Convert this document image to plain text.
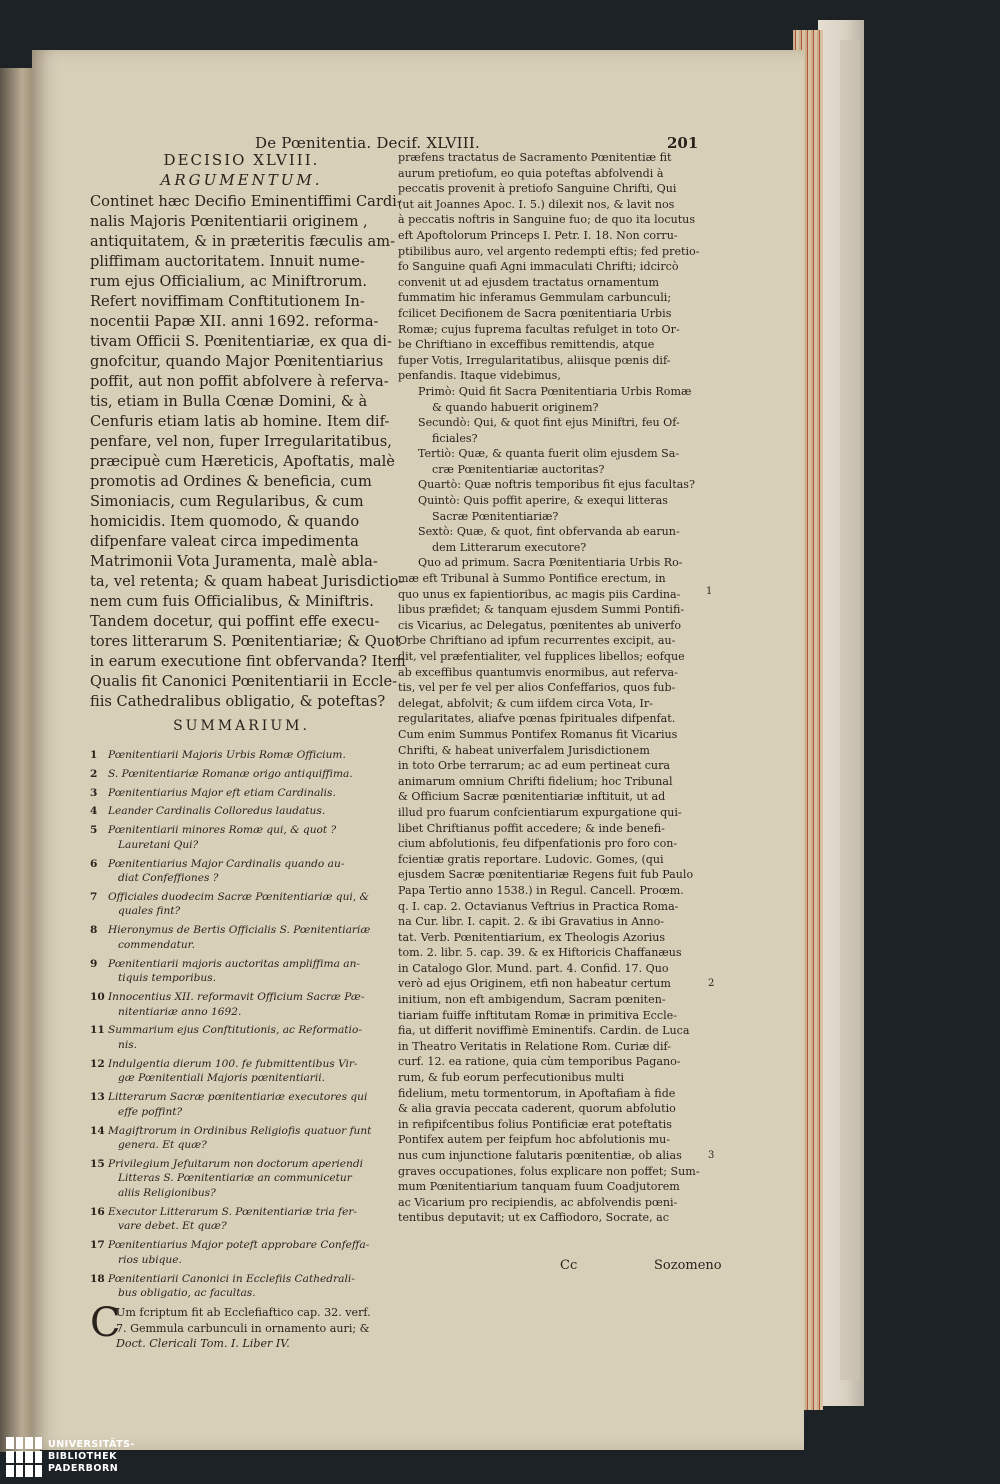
De Pœnitentia. Decif. XLVIII.	201

DECISIO XLVIII.

ARGUMENTUM.

Continet hæc Decifio Eminentiffimi Cardi-

nalis Majoris Pœnitentiarii originem ,

antiquitatem, & in præteritis fæculis am-

pliffimam auctoritatem. Innuit nume-

rum ejus Officialium, ac Miniftrorum.

Refert noviffimam Conftitutionem In-

nocentii Papæ XII. anni 1692. reforma-

tivam Officii S. Pœnitentiariæ, ex qua di-

gnofcitur, quando Major Pœnitentiarius

poffit, aut non poffit abfolvere à referva-

tis, etiam in Bulla Cœnæ Domini, & à

Cenfuris etiam latis ab homine. Item dif-

penfare, vel non, fuper Irregularitatibus,

præcipuè cum Hæreticis, Apoftatis, malè

promotis ad Ordines & beneficia, cum

Simoniacis, cum Regularibus, & cum

homicidis. Item quomodo, & quando

difpenfare valeat circa impedimenta

Matrimonii Vota Juramenta, malè abla-

ta, vel retenta; & quam habeat Jurisdictio-

nem cum fuis Officialibus, & Miniftris.

Tandem docetur, qui poffint effe execu-

tores litterarum S. Pœnitentiariæ; & Quot

in earum executione fint obfervanda? Item

Qualis fit Canonici Pœnitentiarii in Eccle-

fiis Cathedralibus obligatio, & poteftas?

SUMMARIUM.

1	Pœnitentiarii Majoris Urbis Romæ Officium.
2	S. Pœnitentiariæ Romanæ origo antiquiffima.
3	Pœnitentiarius Major eft etiam Cardinalis.
4	Leander Cardinalis Colloredus laudatus.
5	Pœnitentiarii minores Romæ qui, & quot ?
Lauretani Qui?
6	Pœnitentiarius Major Cardinalis quando au-
diat Confeffiones ?
7	Officiales duodecim Sacræ Pœnitentiariæ qui, &
quales fint?
8	Hieronymus de Bertis Officialis S. Pœnitentiariæ
commendatur.
9	Pœnitentiarii majoris auctoritas ampliffima an-
tiquis temporibus.
10 Innocentius XII. reformavit Officium Sacræ Pæ-
nitentiariæ anno 1692.
11 Summarium ejus Conftitutionis, ac Reformatio-
nis.
12 Indulgentia dierum 100. fe fubmittentibus Vir-
gæ Pœnitentiali Majoris pœnitentiarii.
13 Litterarum Sacræ pœnitentiariæ executores qui
effe poffint?
14 Magiftrorum in Ordinibus Religiofis quatuor funt
genera. Et quæ?
15 Privilegium Jefuitarum non doctorum aperiendi
Litteras S. Pœnitentiariæ an communicetur
aliis Religionibus?
16 Executor Litterarum S. Pœnitentiariæ tria fer-
vare debet. Et quæ?
17 Pœnitentiarius Major poteft approbare Confeffa-
rios ubique.
18 Pœnitentiarii Canonici in Ecclefiis Cathedrali-
bus obligatio, ac facultas.
C
Um fcriptum fit ab Ecclefiaftico cap. 32. verf.
7. Gemmula carbunculi in ornamento auri; &
Doct. Clericali Tom. I. Liber IV.
præfens tractatus de Sacramento Pœnitentiæ fit
aurum pretiofum, eo quia poteftas abfolvendi à
peccatis provenit à pretiofo Sanguine Chrifti, Qui
(ut ait Joannes Apoc. I. 5.) dilexit nos, & lavit nos
à peccatis noftris in Sanguine fuo; de quo ita locutus
eft Apoftolorum Princeps I. Petr. I. 18. Non corru-
ptibilibus auro, vel argento redempti eftis; fed pretio-
fo Sanguine quafi Agni immaculati Chrifti; idcircò
convenit ut ad ejusdem tractatus ornamentum
fummatim hic inferamus Gemmulam carbunculi;
fcilicet Decifionem de Sacra pœnitentiaria Urbis
Romæ; cujus fuprema facultas refulget in toto Or-
be Chriftiano in exceffibus remittendis, atque
fuper Votis, Irregularitatibus, aliisque pœnis dif-
penfandis. Itaque videbimus,
Primò: Quid fit Sacra Pœnitentiaria Urbis Romæ
& quando habuerit originem?
Secundò: Qui, & quot fint ejus Miniftri, feu Of-
ficiales?
Tertiò: Quæ, & quanta fuerit olim ejusdem Sa-
cræ Pœnitentiariæ auctoritas?
Quartò: Quæ noftris temporibus fit ejus facultas?
Quintò: Quis poffit aperire, & exequi litteras
Sacræ Pœnitentiariæ?
Sextò: Quæ, & quot, fint obfervanda ab earun-
dem Litterarum executore?
Quo ad primum. Sacra Pœnitentiaria Urbis Ro-
mæ eft Tribunal à Summo Pontifice erectum, in
quo unus ex fapientioribus, ac magis piis Cardina-
libus præfidet; & tanquam ejusdem Summi Pontifi-
cis Vicarius, ac Delegatus, pœnitentes ab univerfo
Orbe Chriftiano ad ipfum recurrentes excipit, au-
dit, vel præfentialiter, vel fupplices libellos; eofque
ab exceffibus quantumvis enormibus, aut referva-
tis, vel per fe vel per alios Confeffarios, quos fub-
delegat, abfolvit; & cum iifdem circa Vota, Ir-
regularitates, aliafve pœnas fpirituales difpenfat.
Cum enim Summus Pontifex Romanus fit Vicarius
Chrifti, & habeat univerfalem Jurisdictionem
in toto Orbe terrarum; ac ad eum pertineat cura
animarum omnium Chrifti fidelium; hoc Tribunal
& Officium Sacræ pœnitentiariæ inftituit, ut ad
illud pro fuarum confcientiarum expurgatione qui-
libet Chriftianus poffit accedere; & inde benefi-
cium abfolutionis, feu difpenfationis pro foro con-
fcientiæ gratis reportare. Ludovic. Gomes, (qui
ejusdem Sacræ pœnitentiariæ Regens fuit fub Paulo
Papa Tertio anno 1538.) in Regul. Cancell. Proœm.
q. I. cap. 2. Octavianus Veftrius in Practica Roma-
na Cur. libr. I. capit. 2. & ibi Gravatius in Anno-
tat. Verb. Pœnitentiarium, ex Theologis Azorius
tom. 2. libr. 5. cap. 39. & ex Hiftoricis Chaffanæus
in Catalogo Glor. Mund. part. 4. Confid. 17. Quo
verò ad ejus Originem, etfi non habeatur certum
initium, non eft ambigendum, Sacram pœniten-
tiariam fuiffe inftitutam Romæ in primitiva Eccle-
fia, ut differit noviffimè Eminentifs. Cardin. de Luca
in Theatro Veritatis in Relatione Rom. Curiæ dif-
curf. 12. ea ratione, quia cùm temporibus Pagano-
rum, & fub eorum perfecutionibus multi
fidelium, metu tormentorum, in Apoftafiam à fide
& alia gravia peccata caderent, quorum abfolutio
in refipifcentibus folius Pontificiæ erat poteftatis
Pontifex autem per feipfum hoc abfolutionis mu-
nus cum injunctione falutaris pœnitentiæ, ob alias
graves occupationes, folus explicare non poffet; Sum-
mum Pœnitentiarium tanquam fuum Coadjutorem
ac Vicarium pro recipiendis, ac abfolvendis pœni-
tentibus deputavit; ut ex Caffiodoro, Socrate, ac
1
2
3
Cc	Sozomeno
UNIVERSITÄTS-
BIBLIOTHEK
PADERBORN
